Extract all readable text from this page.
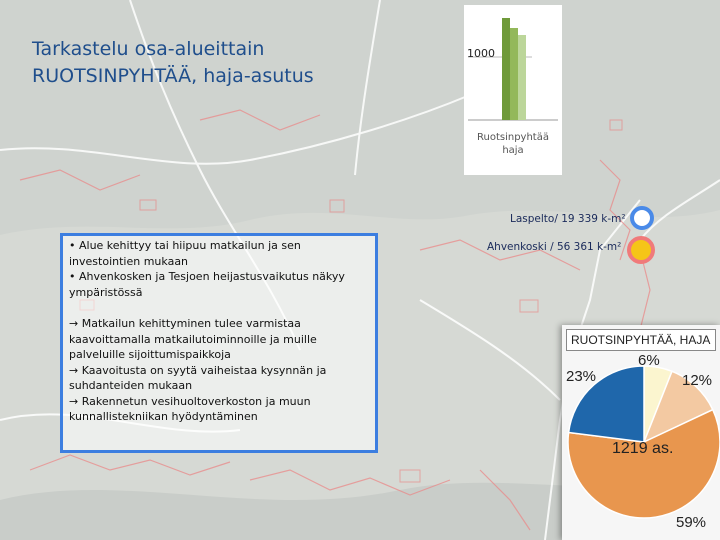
Tarkastelu osa-alueittain
RUOTSINPYHTÄÄ, haja-asutus
1000
Ruotsinpyhtää
haja
Laspelto/ 19 339 k-m²
Ahvenkoski / 56 361 k-m²

• Alue kehittyy tai hiipuu matkailun ja sen investointien mukaan

• Ahvenkosken ja Tesjoen heijastusvaikutus näkyy ympäristössä

→ Matkailun kehittyminen tulee varmistaa kaavoittamalla matkailutoiminnoille ja muille palveluille sijoittumispaikkoja

→ Kaavoitusta on syytä vaiheistaa kysynnän ja suhdanteiden mukaan

→ Rakennetun vesihuoltoverkoston ja muun kunnallistekniikan hyödyntäminen

RUOTSINPYHTÄÄ, HAJA
6%
12%
23%
59%
1219 as.
